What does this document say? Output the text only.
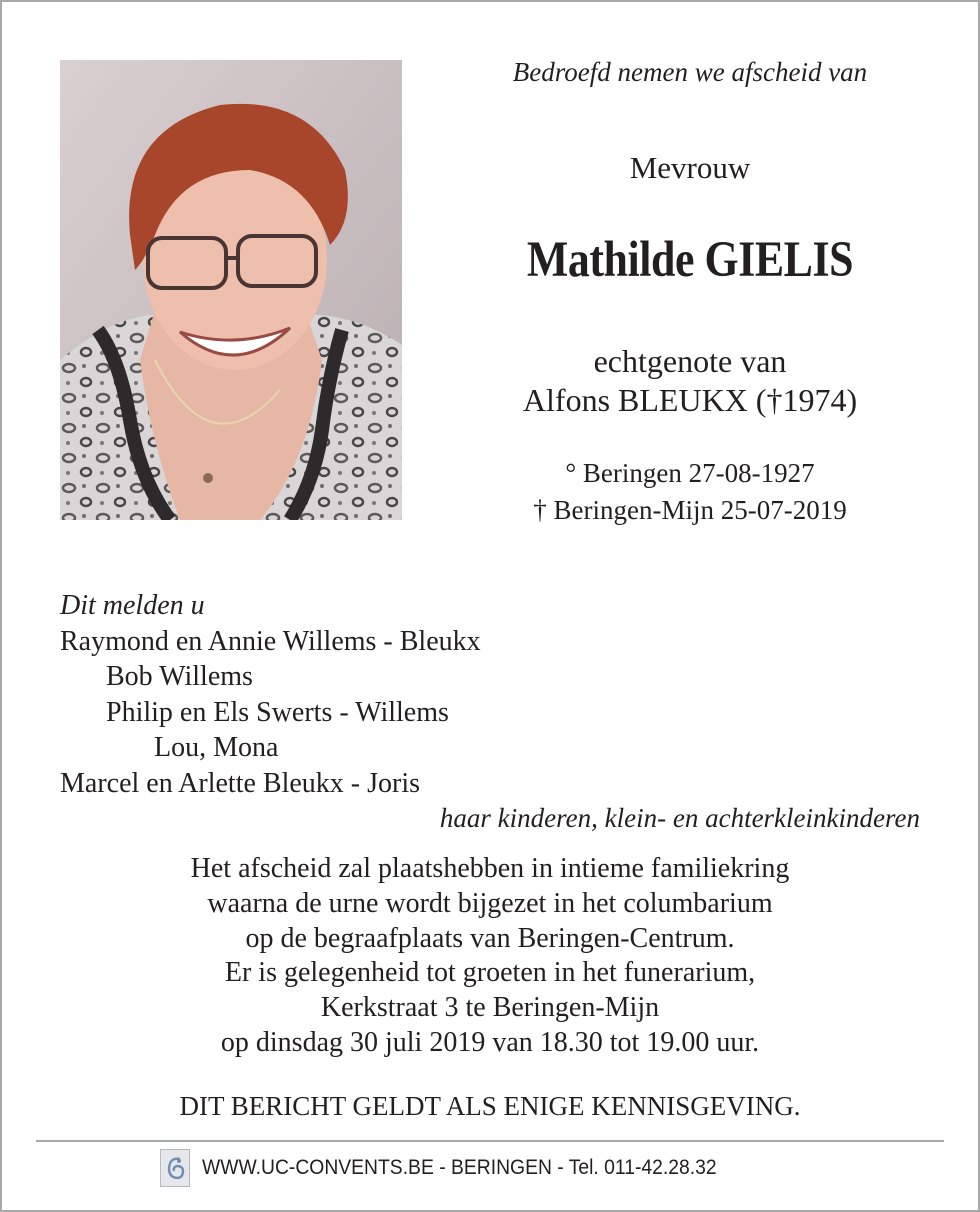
Bedroefd nemen we afscheid van
Mevrouw
Mathilde GIELIS
echtgenote van
Alfons BLEUKX (†1974)
° Beringen 27-08-1927
† Beringen-Mijn 25-07-2019
Dit melden u
Raymond en Annie Willems - Bleukx
Bob Willems
Philip en Els Swerts - Willems
Lou, Mona
Marcel en Arlette Bleukx - Joris
haar kinderen, klein- en achterkleinkinderen
Het afscheid zal plaatshebben in intieme familiekring
waarna de urne wordt bijgezet in het columbarium
op de begraafplaats van Beringen-Centrum.
Er is gelegenheid tot groeten in het funerarium,
Kerkstraat 3 te Beringen-Mijn
op dinsdag 30 juli 2019 van 18.30 tot 19.00 uur.
DIT BERICHT GELDT ALS ENIGE KENNISGEVING.
WWW.UC-CONVENTS.BE - BERINGEN - Tel. 011-42.28.32
